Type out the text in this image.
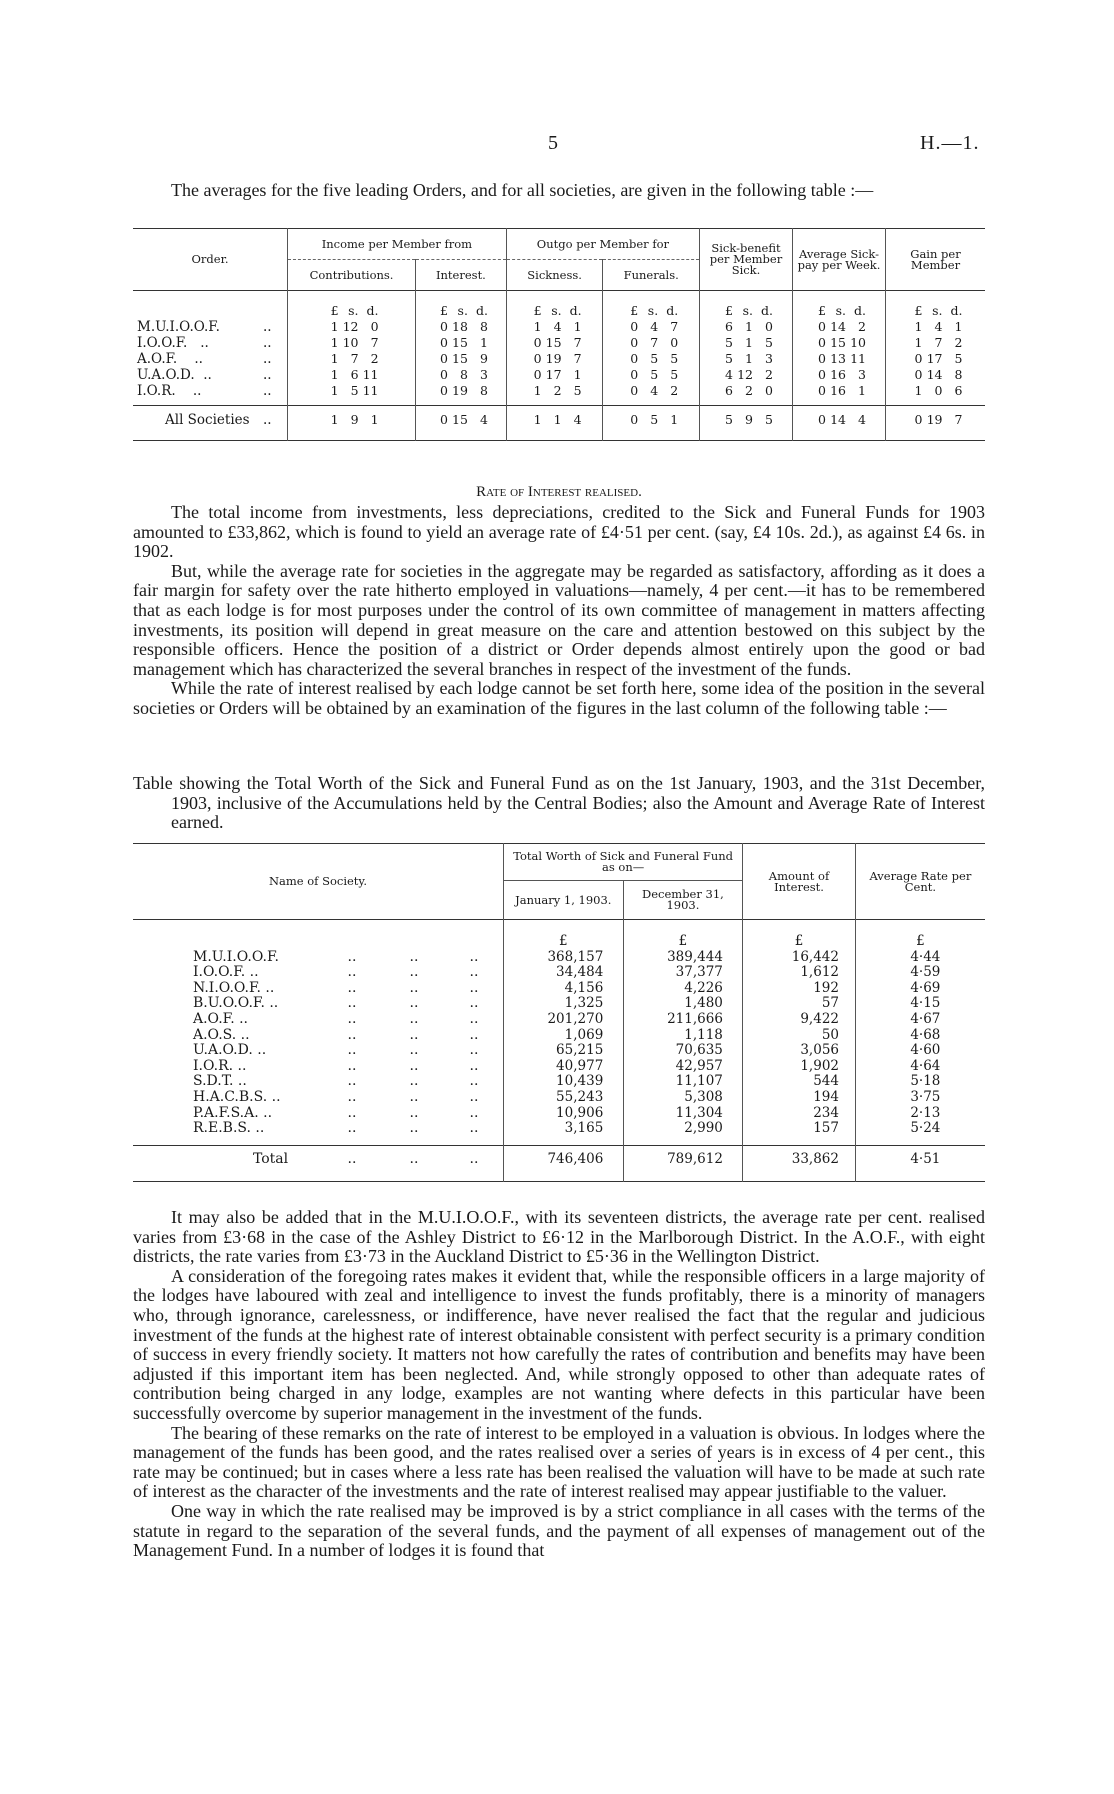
5	H.—1.

The averages for the five leading Orders, and for all societies, are given in the following table :—

Order.	Income per Member from		Outgo per Member for		Sick-benefit per Member Sick.	Average Sick-pay per Week.	Gain per Member
	Contributions.	Interest.	Sickness.	Funerals.			

	£ s. d.	£ s. d.	£ s. d.	£ s. d.	£ s. d.	£ s. d.	£ s. d.

M.U.I.O.O.F. ..	1 12 0	0 18 8	1 4 1	0 4 7	6 1 0	0 14 2	1 4 1

I.O.O.F.   .. ..	1 10 7	0 15 1	0 15 7	0 7 0	5 1 5	0 15 10	1 7 2

A.O.F.    .. ..	1 7 2	0 15 9	0 19 7	0 5 5	5 1 3	0 13 11	0 17 5

U.A.O.D.  .. ..	1 6 11	0 8 3	0 17 1	0 5 5	4 12 2	0 16 3	0 14 8

I.O.R.    .. ..	1 5 11	0 19 8	1 2 5	0 4 2	6 2 0	0 16 1	1 0 6

All Societies ..	1 9 1	0 15 4	1 1 4	0 5 1	5 9 5	0 14 4	0 19 7
Rate of Interest realised.

The total income from investments, less depreciations, credited to the Sick and Funeral Funds for 1903 amounted to £33,862, which is found to yield an average rate of £4·51 per cent. (say, £4 10s. 2d.), as against £4 6s. in 1902.

But, while the average rate for societies in the aggregate may be regarded as satisfactory, affording as it does a fair margin for safety over the rate hitherto employed in valuations—namely, 4 per cent.—it has to be remembered that as each lodge is for most purposes under the control of its own committee of management in matters affecting investments, its position will depend in great measure on the care and attention bestowed on this subject by the responsible officers. Hence the position of a district or Order depends almost entirely upon the good or bad management which has characterized the several branches in respect of the investment of the funds.

While the rate of interest realised by each lodge cannot be set forth here, some idea of the position in the several societies or Orders will be obtained by an examination of the figures in the last column of the following table :—

Table showing the Total Worth of the Sick and Funeral Fund as on the 1st January, 1903, and the 31st December, 1903, inclusive of the Accumulations held by the Central Bodies; also the Amount and Average Rate of Interest earned.
Name of Society.	Total Worth of Sick and Funeral Fund as on—		Amount of Interest.	Average Rate per Cent.
	January 1, 1903.	December 31, 1903.		
	£	£	£	£

M.U.I.O.O.F. .. .. ..	368,157	389,444	16,442	4·44

I.O.O.F. .. .. .. ..	34,484	37,377	1,612	4·59

N.I.O.O.F. .. .. .. ..	4,156	4,226	192	4·69

B.U.O.O.F. .. .. .. ..	1,325	1,480	57	4·15

A.O.F. .. .. .. ..	201,270	211,666	9,422	4·67

A.O.S. .. .. .. ..	1,069	1,118	50	4·68

U.A.O.D. .. .. .. ..	65,215	70,635	3,056	4·60

I.O.R. .. .. .. ..	40,977	42,957	1,902	4·64

S.D.T. .. .. .. ..	10,439	11,107	544	5·18

H.A.C.B.S. .. .. .. ..	55,243	5,308	194	3·75

P.A.F.S.A. .. .. .. ..	10,906	11,304	234	2·13

R.E.B.S. .. .. .. ..	3,165	2,990	157	5·24

Total .. .. ..	746,406	789,612	33,862	4·51

It may also be added that in the M.U.I.O.O.F., with its seventeen districts, the average rate per cent. realised varies from £3·68 in the case of the Ashley District to £6·12 in the Marlborough District. In the A.O.F., with eight districts, the rate varies from £3·73 in the Auckland District to £5·36 in the Wellington District.

A consideration of the foregoing rates makes it evident that, while the responsible officers in a large majority of the lodges have laboured with zeal and intelligence to invest the funds profitably, there is a minority of managers who, through ignorance, carelessness, or indifference, have never realised the fact that the regular and judicious investment of the funds at the highest rate of interest obtainable consistent with perfect security is a primary condition of success in every friendly society. It matters not how carefully the rates of contribution and benefits may have been adjusted if this important item has been neglected. And, while strongly opposed to other than adequate rates of contribution being charged in any lodge, examples are not wanting where defects in this particular have been successfully overcome by superior management in the investment of the funds.

The bearing of these remarks on the rate of interest to be employed in a valuation is obvious. In lodges where the management of the funds has been good, and the rates realised over a series of years is in excess of 4 per cent., this rate may be continued; but in cases where a less rate has been realised the valuation will have to be made at such rate of interest as the character of the investments and the rate of interest realised may appear justifiable to the valuer.

One way in which the rate realised may be improved is by a strict compliance in all cases with the terms of the statute in regard to the separation of the several funds, and the payment of all expenses of management out of the Management Fund. In a number of lodges it is found that
